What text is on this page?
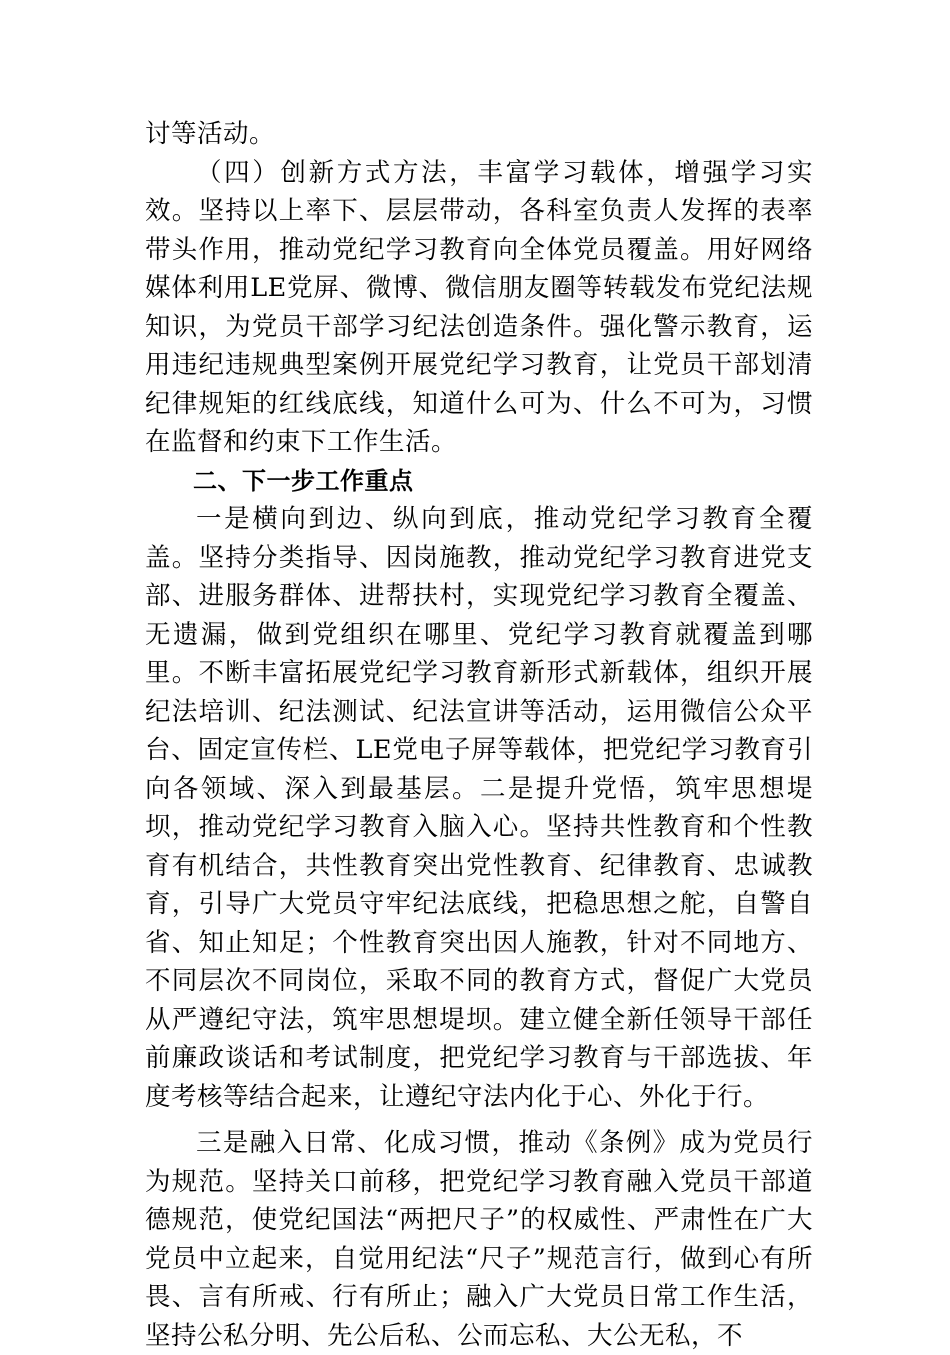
讨等活动。

（四）创新方式方法，丰富学习载体，增强学习实效。坚持以上率下、层层带动，各科室负责人发挥的表率带头作用，推动党纪学习教育向全体党员覆盖。用好网络媒体利用LE党屏、微博、微信朋友圈等转载发布党纪法规知识，为党员干部学习纪法创造条件。强化警示教育，运用违纪违规典型案例开展党纪学习教育，让党员干部划清纪律规矩的红线底线，知道什么可为、什么不可为，习惯在监督和约束下工作生活。

二、下一步工作重点

一是横向到边、纵向到底，推动党纪学习教育全覆盖。坚持分类指导、因岗施教，推动党纪学习教育进党支部、进服务群体、进帮扶村，实现党纪学习教育全覆盖、无遗漏，做到党组织在哪里、党纪学习教育就覆盖到哪里。不断丰富拓展党纪学习教育新形式新载体，组织开展纪法培训、纪法测试、纪法宣讲等活动，运用微信公众平台、固定宣传栏、LE党电子屏等载体，把党纪学习教育引向各领域、深入到最基层。二是提升党悟，筑牢思想堤坝，推动党纪学习教育入脑入心。坚持共性教育和个性教育有机结合，共性教育突出党性教育、纪律教育、忠诚教育，引导广大党员守牢纪法底线，把稳思想之舵，自警自省、知止知足；个性教育突出因人施教，针对不同地方、不同层次不同岗位，采取不同的教育方式，督促广大党员从严遵纪守法，筑牢思想堤坝。建立健全新任领导干部任前廉政谈话和考试制度，把党纪学习教育与干部选拔、年度考核等结合起来，让遵纪守法内化于心、外化于行。

三是融入日常、化成习惯，推动《条例》成为党员行为规范。坚持关口前移，把党纪学习教育融入党员干部道德规范，使党纪国法“两把尺子”的权威性、严肃性在广大党员中立起来，自觉用纪法“尺子”规范言行，做到心有所畏、言有所戒、行有所止；融入广大党员日常工作生活，坚持公私分明、先公后私、公而忘私、大公无私，不
